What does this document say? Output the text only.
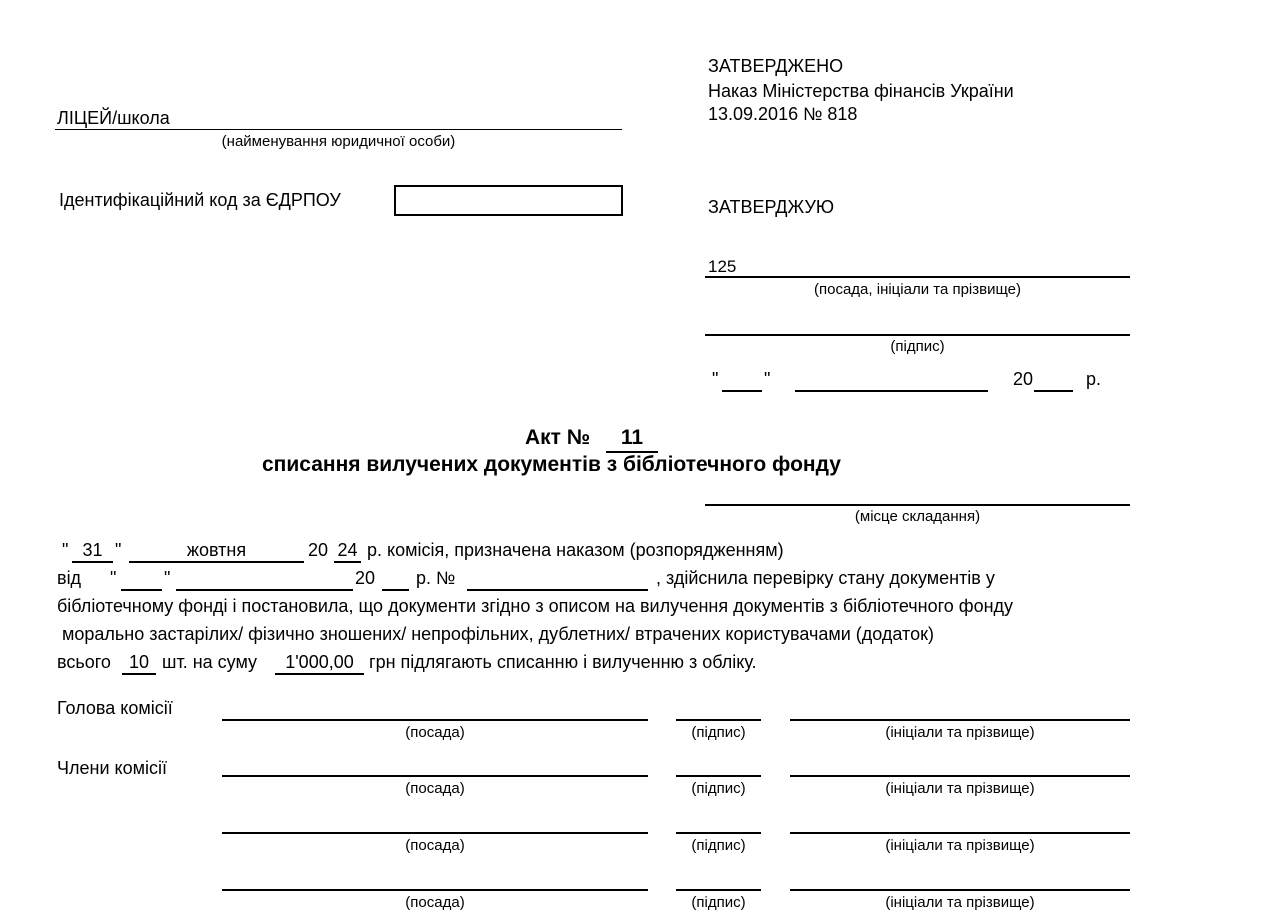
ЛІЦЕЙ/школа
(найменування юридичної особи)
Ідентифікаційний код за ЄДРПОУ
ЗАТВЕРДЖЕНО
Наказ Міністерства фінансів України
13.09.2016 № 818
ЗАТВЕРДЖУЮ
125
(посада, ініціали та прізвище)
(підпис)
"	"	20	р.
Акт №	11
списання вилучених документів з бібліотечного фонду
(місце складання)
" 31 "	жовтня	20 24 р. комісія, призначена наказом (розпорядженням)
від "	"	20 р. №	, здійснила перевірку стану документів у
бібліотечному фонді і постановила, що документи згідно з описом на вилучення документів з бібліотечного фонду
морально застарілих/ фізично зношених/ непрофільних, дублетних/ втрачених користувачами (додаток)
всього	10 шт. на суму	1'000,00 грн підлягають списанню і вилученню з обліку.
Голова комісії
(посада)	(підпис)	(ініціали та прізвище)
Члени комісії
(посада)	(підпис)	(ініціали та прізвище)
(посада)	(підпис)	(ініціали та прізвище)
(посада)	(підпис)	(ініціали та прізвище)
